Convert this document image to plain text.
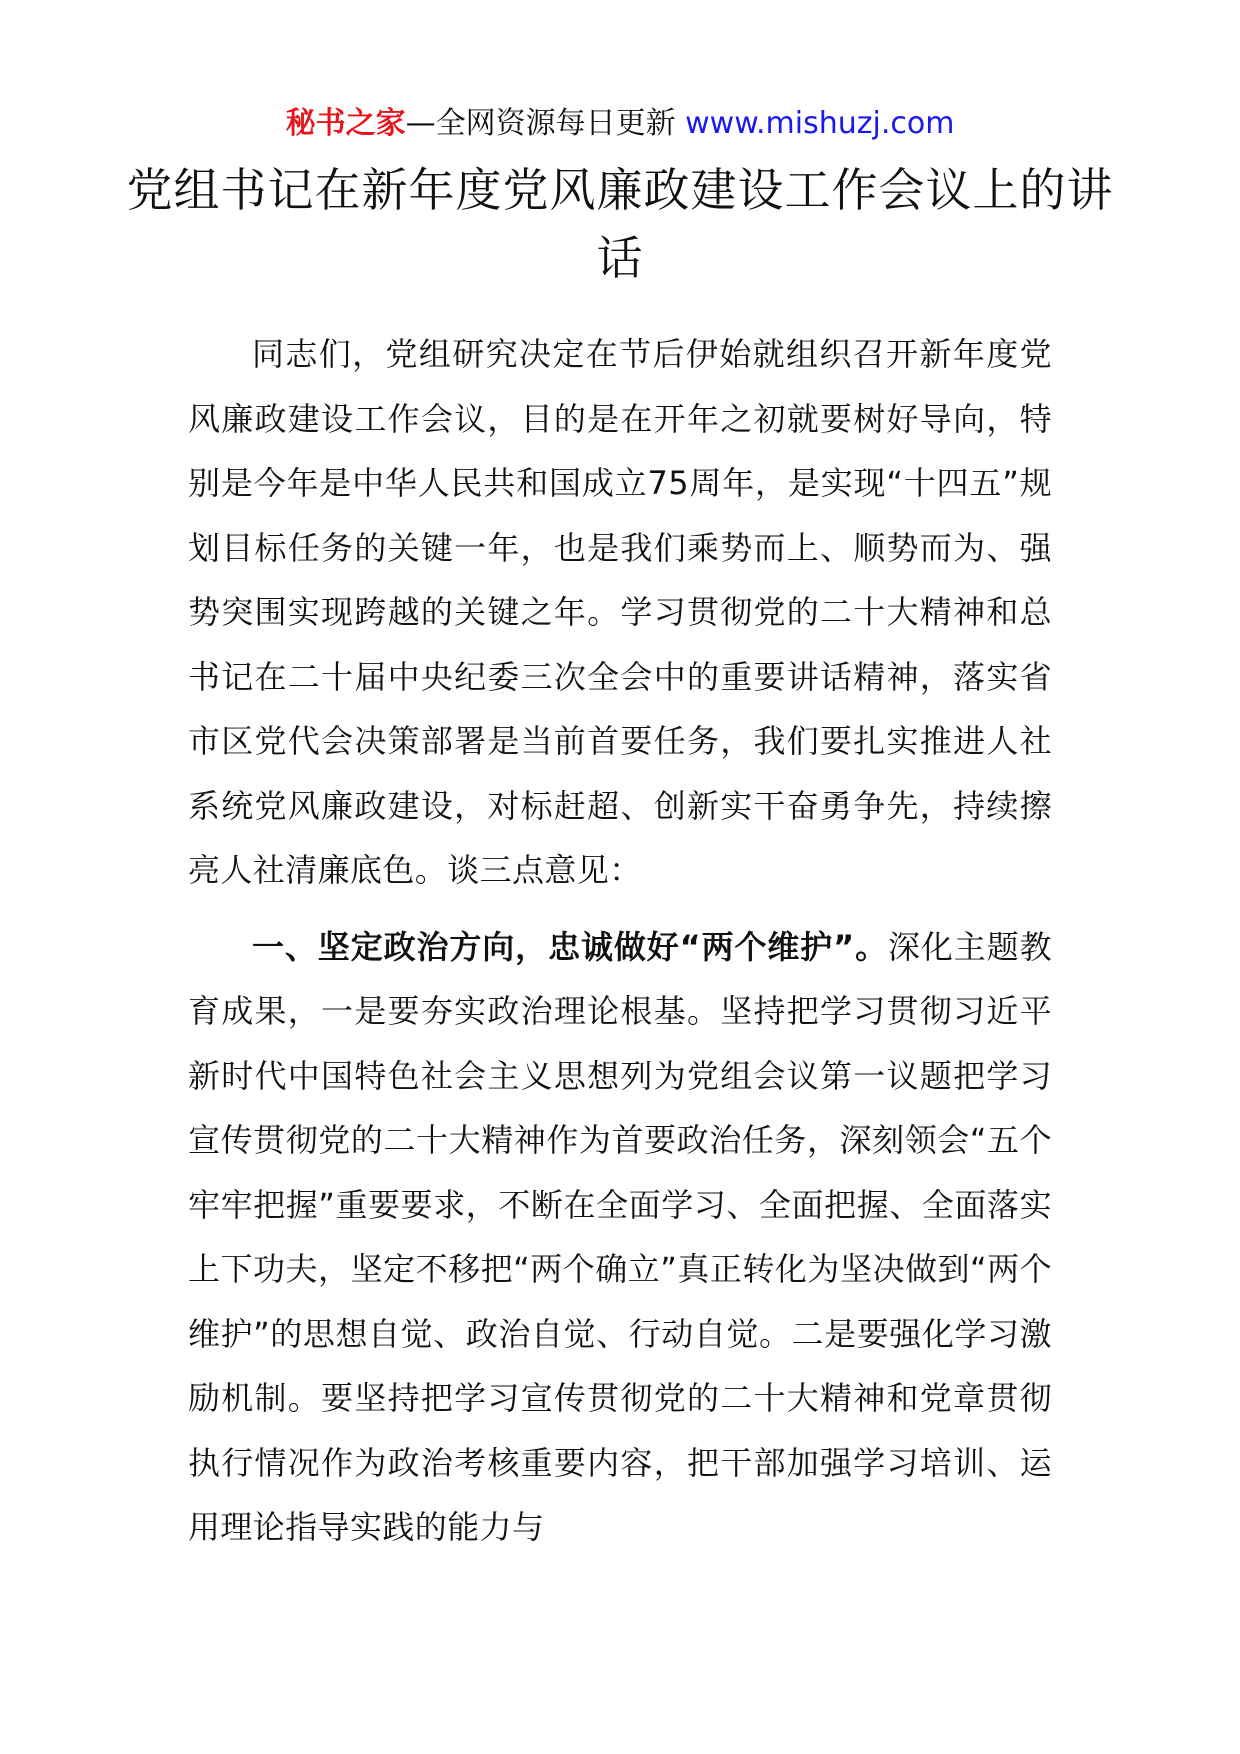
秘书之家—全网资源每日更新 www.mishuzj.com
党组书记在新年度党风廉政建设工作会议上的讲话

同志们，党组研究决定在节后伊始就组织召开新年度党风廉政建设工作会议，目的是在开年之初就要树好导向，特别是今年是中华人民共和国成立75周年，是实现“十四五”规划目标任务的关键一年，也是我们乘势而上、顺势而为、强势突围实现跨越的关键之年。学习贯彻党的二十大精神和总书记在二十届中央纪委三次全会中的重要讲话精神，落实省市区党代会决策部署是当前首要任务，我们要扎实推进人社系统党风廉政建设，对标赶超、创新实干奋勇争先，持续擦亮人社清廉底色。谈三点意见：

一、坚定政治方向，忠诚做好“两个维护”。深化主题教育成果，一是要夯实政治理论根基。坚持把学习贯彻习近平新时代中国特色社会主义思想列为党组会议第一议题把学习宣传贯彻党的二十大精神作为首要政治任务，深刻领会“五个牢牢把握”重要要求，不断在全面学习、全面把握、全面落实上下功夫，坚定不移把“两个确立”真正转化为坚决做到“两个维护”的思想自觉、政治自觉、行动自觉。二是要强化学习激励机制。要坚持把学习宣传贯彻党的二十大精神和党章贯彻执行情况作为政治考核重要内容，把干部加强学习培训、运用理论指导实践的能力与
